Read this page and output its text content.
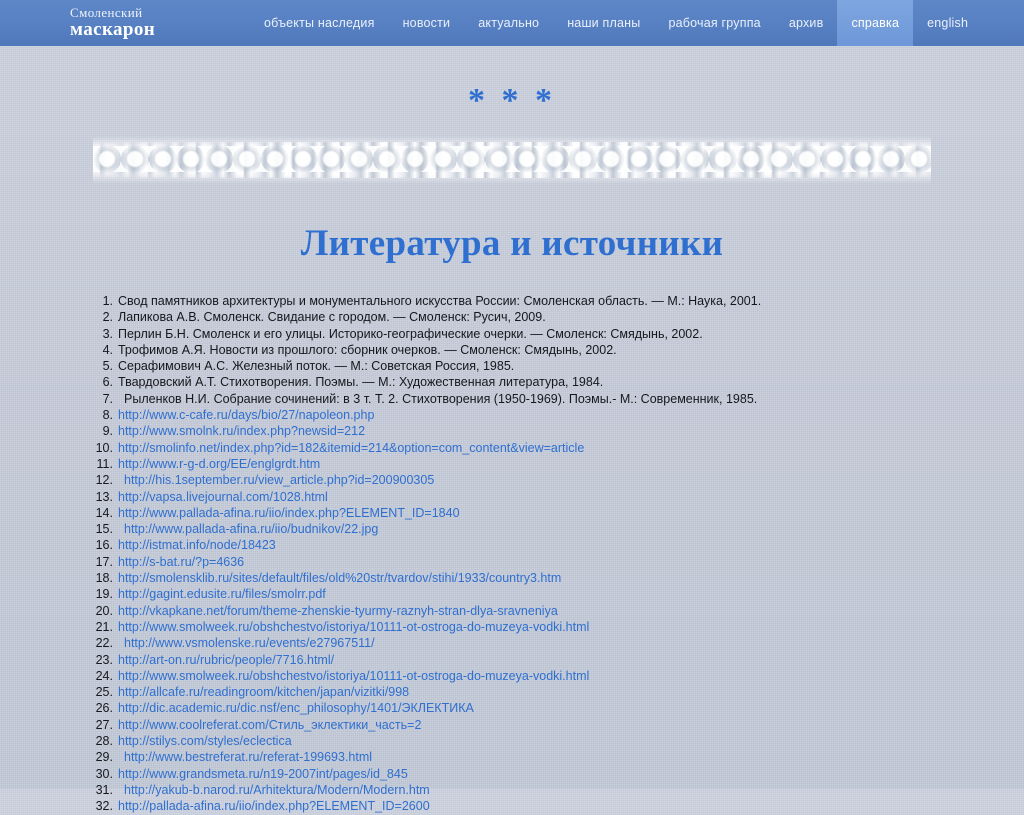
Смоленский
маскарон	объекты наследия новости актуально наши планы рабочая группа архив справка english
* * *
Литература и источники
Свод памятников архитектуры и монументального искусства России: Смоленская область. — М.: Наука, 2001.
Лапикова А.В. Смоленск. Свидание с городом. — Смоленск: Русич, 2009.
Перлин Б.Н. Смоленск и его улицы. Историко-географические очерки. — Смоленск: Смядынь, 2002.
Трофимов А.Я. Новости из прошлого: сборник очерков. — Смоленск: Смядынь, 2002.
Серафимович А.С. Железный поток. — М.: Советская Россия, 1985.
Твардовский А.Т. Стихотворения. Поэмы. — М.: Художественная литература, 1984.
Рыленков Н.И. Собрание сочинений: в 3 т. Т. 2. Стихотворения (1950-1969). Поэмы.- М.: Современник, 1985.
http://www.c-cafe.ru/days/bio/27/napoleon.php
http://www.smolnk.ru/index.php?newsid=212
http://smolinfo.net/index.php?id=182&itemid=214&option=com_content&view=article
http://www.r-g-d.org/EE/englgrdt.htm
http://his.1september.ru/view_article.php?id=200900305
http://vapsa.livejournal.com/1028.html
http://www.pallada-afina.ru/iio/index.php?ELEMENT_ID=1840
http://www.pallada-afina.ru/iio/budnikov/22.jpg
http://istmat.info/node/18423
http://s-bat.ru/?p=4636
http://smolensklib.ru/sites/default/files/old%20str/tvardov/stihi/1933/country3.htm
http://gagint.edusite.ru/files/smolrr.pdf
http://vkapkane.net/forum/theme-zhenskie-tyurmy-raznyh-stran-dlya-sravneniya
http://www.smolweek.ru/obshchestvo/istoriya/10111-ot-ostroga-do-muzeya-vodki.html
http://www.vsmolenske.ru/events/e27967511/
http://art-on.ru/rubric/people/7716.html/
http://www.smolweek.ru/obshchestvo/istoriya/10111-ot-ostroga-do-muzeya-vodki.html
http://allcafe.ru/readingroom/kitchen/japan/vizitki/998
http://dic.academic.ru/dic.nsf/enc_philosophy/1401/ЭКЛЕКТИКА
http://www.coolreferat.com/Стиль_эклектики_часть=2
http://stilys.com/styles/eclectica
http://www.bestreferat.ru/referat-199693.html
http://www.grandsmeta.ru/n19-2007int/pages/id_845
http://yakub-b.narod.ru/Arhitektura/Modern/Modern.htm
http://pallada-afina.ru/iio/index.php?ELEMENT_ID=2600
